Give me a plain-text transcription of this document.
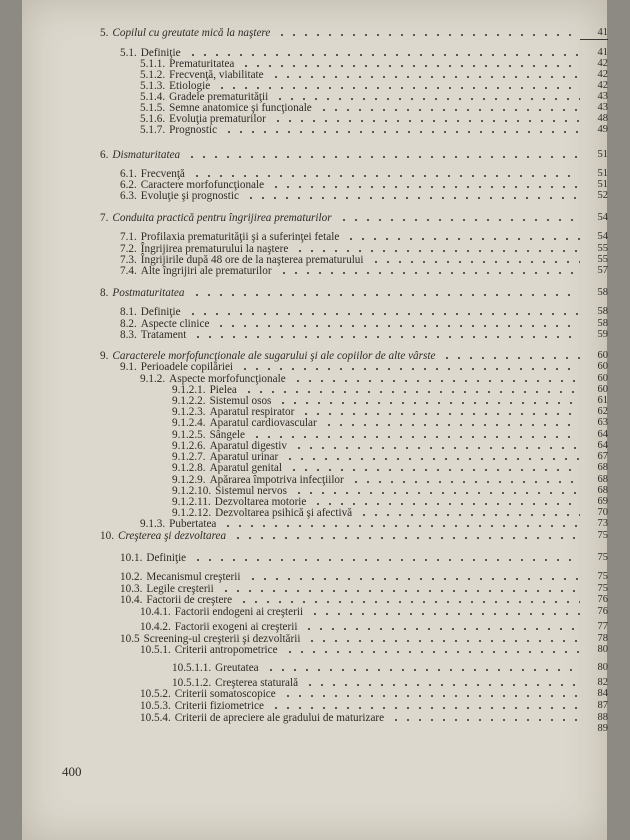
5. Copilul cu greutate mică la naştere	41
5.1. Definiţie	41
5.1.1. Prematuritatea	42
5.1.2. Frecvenţă, viabilitate	42
5.1.3. Etiologie	42
5.1.4. Gradele prematurităţii	43
5.1.5. Semne anatomice şi funcţionale	43
5.1.6. Evoluţia prematurilor	48
5.1.7. Prognostic	49
6. Dismaturitatea	51
6.1. Frecvenţă	51
6.2. Caractere morfofuncţionale	51
6.3. Evoluţie şi prognostic	52
7. Conduita practică pentru îngrijirea prematurilor	54
7.1. Profilaxia prematurităţii şi a suferinţei fetale	54
7.2. Îngrijirea prematurului la naştere	55
7.3. Îngrijirile după 48 ore de la naşterea prematurului	55
7.4. Alte îngrijiri ale prematurilor	57
8. Postmaturitatea	58
8.1. Definiţie	58
8.2. Aspecte clinice	58
8.3. Tratament	59
9. Caracterele morfofuncţionale ale sugarului şi ale copiilor de alte vârste	60
9.1. Perioadele copilăriei	60
9.1.2. Aspecte morfofuncţionale	60
9.1.2.1. Pielea	60
9.1.2.2. Sistemul osos	61
9.1.2.3. Aparatul respirator	62
9.1.2.4. Aparatul cardiovascular	63
9.1.2.5. Sângele	64
9.1.2.6. Aparatul digestiv	64
9.1.2.7. Aparatul urinar	67
9.1.2.8. Aparatul genital	68
9.1.2.9. Apărarea împotriva infecţiilor	68
9.1.2.10. Sistemul nervos	68
9.1.2.11. Dezvoltarea motorie	69
9.1.2.12. Dezvoltarea psihică şi afectivă	70
9.1.3. Pubertatea	73
10. Creşterea şi dezvoltarea	75
10.1. Definiţie	75
10.2. Mecanismul creşterii	75
10.3. Legile creşterii	75
10.4. Factorii de creştere	76
10.4.1. Factorii endogeni ai creşterii	76
10.4.2. Factorii exogeni ai creşterii	77
10.5 Screening-ul creşterii şi dezvoltării	78
10.5.1. Criterii antropometrice	80
10.5.1.1. Greutatea	80
10.5.1.2. Creşterea staturală	82
10.5.2. Criterii somatoscopice	84
10.5.3. Criterii fiziometrice	87
10.5.4. Criterii de apreciere ale gradului de maturizare	88
89
400
